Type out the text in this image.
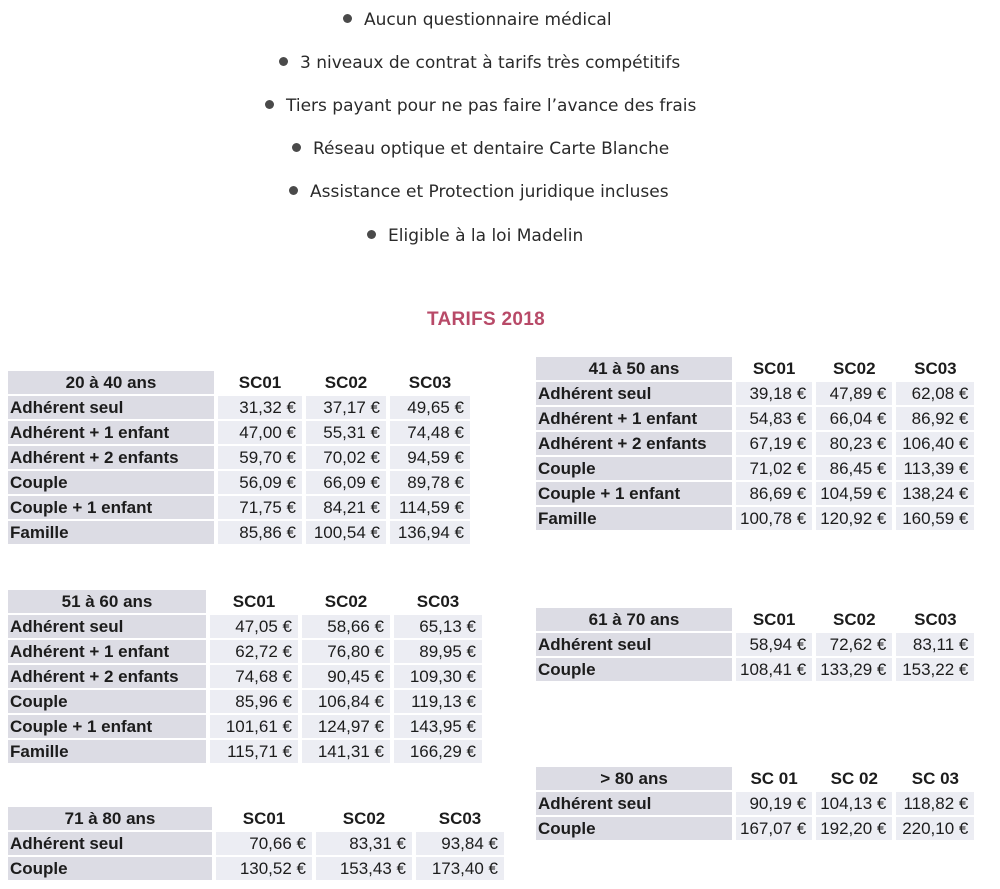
Aucun questionnaire médical
3 niveaux de contrat à tarifs très compétitifs
Tiers payant pour ne pas faire l’avance des frais
Réseau optique et dentaire Carte Blanche
Assistance et Protection juridique incluses
Eligible à la loi Madelin
TARIFS 2018
20 à 40 ans	SC01	SC02	SC03
Adhérent seul	31,32 €	37,17 €	49,65 €
Adhérent + 1 enfant	47,00 €	55,31 €	74,48 €
Adhérent + 2 enfants	59,70 €	70,02 €	94,59 €
Couple	56,09 €	66,09 €	89,78 €
Couple + 1 enfant	71,75 €	84,21 €	114,59 €
Famille	85,86 €	100,54 €	136,94 €
41 à 50 ans	SC01	SC02	SC03
Adhérent seul	39,18 €	47,89 €	62,08 €
Adhérent + 1 enfant	54,83 €	66,04 €	86,92 €
Adhérent + 2 enfants	67,19 €	80,23 €	106,40 €
Couple	71,02 €	86,45 €	113,39 €
Couple + 1 enfant	86,69 €	104,59 €	138,24 €
Famille	100,78 €	120,92 €	160,59 €
51 à 60 ans	SC01	SC02	SC03
Adhérent seul	47,05 €	58,66 €	65,13 €
Adhérent + 1 enfant	62,72 €	76,80 €	89,95 €
Adhérent + 2 enfants	74,68 €	90,45 €	109,30 €
Couple	85,96 €	106,84 €	119,13 €
Couple + 1 enfant	101,61 €	124,97 €	143,95 €
Famille	115,71 €	141,31 €	166,29 €
61 à 70 ans	SC01	SC02	SC03
Adhérent seul	58,94 €	72,62 €	83,11 €
Couple	108,41 €	133,29 €	153,22 €
71 à 80 ans	SC01	SC02	SC03
Adhérent seul	70,66 €	83,31 €	93,84 €
Couple	130,52 €	153,43 €	173,40 €
> 80 ans	SC 01	SC 02	SC 03
Adhérent seul	90,19 €	104,13 €	118,82 €
Couple	167,07 €	192,20 €	220,10 €
